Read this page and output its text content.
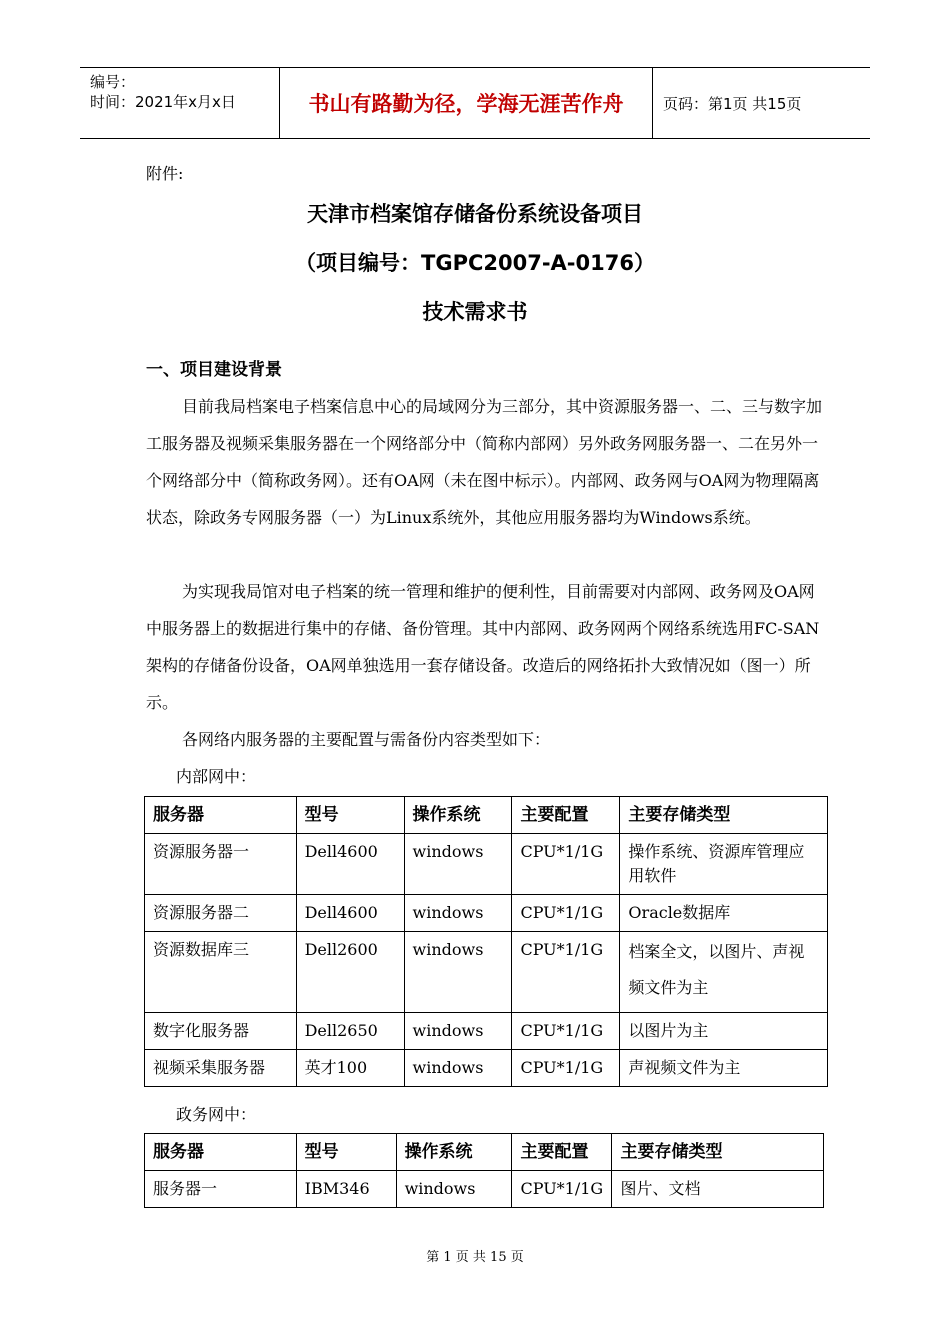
编号：
时间：2021年x月x日	书山有路勤为径，学海无涯苦作舟	页码：第1页 共15页
附件:
天津市档案馆存储备份系统设备项目
（项目编号：TGPC2007-A-0176）
技术需求书
一、项目建设背景

目前我局档案电子档案信息中心的局域网分为三部分，其中资源服务器一、二、三与数字加工服务器及视频采集服务器在一个网络部分中（简称内部网）另外政务网服务器一、二在另外一个网络部分中（简称政务网）。还有OA网（未在图中标示）。内部网、政务网与OA网为物理隔离状态，除政务专网服务器（一）为Linux系统外，其他应用服务器均为Windows系统。

为实现我局馆对电子档案的统一管理和维护的便利性，目前需要对内部网、政务网及OA网中服务器上的数据进行集中的存储、备份管理。其中内部网、政务网两个网络系统选用FC-SAN架构的存储备份设备，OA网单独选用一套存储设备。改造后的网络拓扑大致情况如（图一）所示。

各网络内服务器的主要配置与需备份内容类型如下：

内部网中：
服务器	型号	操作系统	主要配置	主要存储类型
资源服务器一	Dell4600	windows	CPU*1/1G	操作系统、资源库管理应用软件
资源服务器二	Dell4600	windows	CPU*1/1G	Oracle数据库
资源数据库三	Dell2600	windows	CPU*1/1G	档案全文，以图片、声视频文件为主
数字化服务器	Dell2650	windows	CPU*1/1G	以图片为主
视频采集服务器	英才100	windows	CPU*1/1G	声视频文件为主
政务网中：
服务器	型号	操作系统	主要配置	主要存储类型
服务器一	IBM346	windows	CPU*1/1G	图片、文档
第 1 页 共 15 页
